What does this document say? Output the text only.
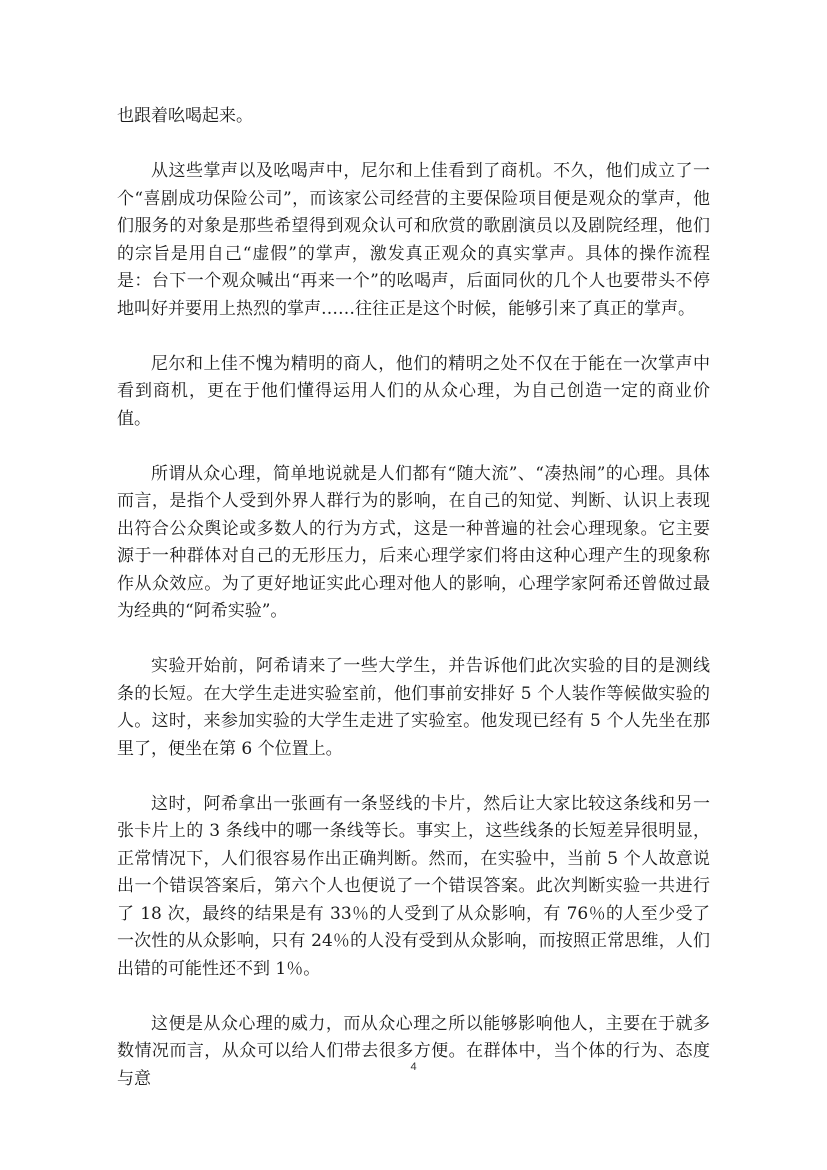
也跟着吆喝起来。

从这些掌声以及吆喝声中，尼尔和上佳看到了商机。不久，他们成立了一个“喜剧成功保险公司”，而该家公司经营的主要保险项目便是观众的掌声，他们服务的对象是那些希望得到观众认可和欣赏的歌剧演员以及剧院经理，他们的宗旨是用自己“虚假”的掌声，激发真正观众的真实掌声。具体的操作流程是：台下一个观众喊出“再来一个”的吆喝声，后面同伙的几个人也要带头不停地叫好并要用上热烈的掌声……往往正是这个时候，能够引来了真正的掌声。

尼尔和上佳不愧为精明的商人，他们的精明之处不仅在于能在一次掌声中看到商机，更在于他们懂得运用人们的从众心理，为自己创造一定的商业价值。

所谓从众心理，简单地说就是人们都有“随大流”、“凑热闹”的心理。具体而言，是指个人受到外界人群行为的影响，在自己的知觉、判断、认识上表现出符合公众舆论或多数人的行为方式，这是一种普遍的社会心理现象。它主要源于一种群体对自己的无形压力，后来心理学家们将由这种心理产生的现象称作从众效应。为了更好地证实此心理对他人的影响，心理学家阿希还曾做过最为经典的“阿希实验”。

实验开始前，阿希请来了一些大学生，并告诉他们此次实验的目的是测线条的长短。在大学生走进实验室前，他们事前安排好 5 个人装作等候做实验的人。这时，来参加实验的大学生走进了实验室。他发现已经有 5 个人先坐在那里了，便坐在第 6 个位置上。

这时，阿希拿出一张画有一条竖线的卡片，然后让大家比较这条线和另一张卡片上的 3 条线中的哪一条线等长。事实上，这些线条的长短差异很明显，正常情况下，人们很容易作出正确判断。然而，在实验中，当前 5 个人故意说出一个错误答案后，第六个人也便说了一个错误答案。此次判断实验一共进行了 18 次，最终的结果是有 33％的人受到了从众影响，有 76％的人至少受了一次性的从众影响，只有 24％的人没有受到从众影响，而按照正常思维，人们出错的可能性还不到 1％。

这便是从众心理的威力，而从众心理之所以能够影响他人，主要在于就多数情况而言，从众可以给人们带去很多方便。在群体中，当个体的行为、态度与意

4
